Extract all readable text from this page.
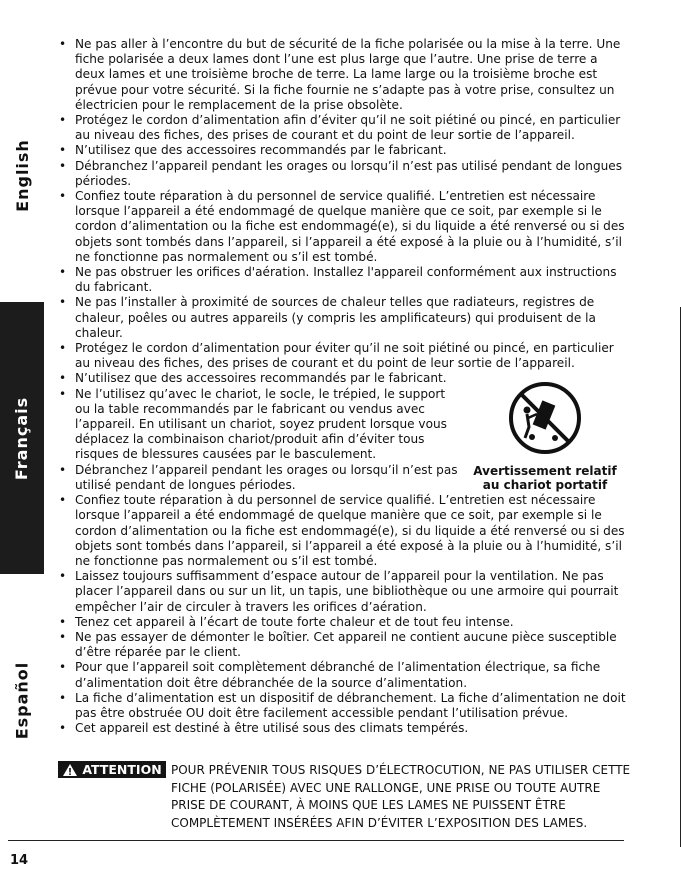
English
Français
Español
• Ne pas aller à l’encontre du but de sécurité de la fiche polarisée ou la mise à la terre. Une fiche polarisée a deux lames dont l’une est plus large que l’autre. Une prise de terre a deux lames et une troisième broche de terre. La lame large ou la troisième broche est prévue pour votre sécurité. Si la fiche fournie ne s’adapte pas à votre prise, consultez un électricien pour le remplacement de la prise obsolète.
• Protégez le cordon d’alimentation afin d’éviter qu’il ne soit piétiné ou pincé, en particulier au niveau des fiches, des prises de courant et du point de leur sortie de l’appareil.
• N’utilisez que des accessoires recommandés par le fabricant.
• Débranchez l’appareil pendant les orages ou lorsqu’il n’est pas utilisé pendant de longues périodes.
• Confiez toute réparation à du personnel de service qualifié. L’entretien est nécessaire lorsque l’appareil a été endommagé de quelque manière que ce soit, par exemple si le cordon d’alimentation ou la fiche est endommagé(e), si du liquide a été renversé ou si des objets sont tombés dans l’appareil, si l’appareil a été exposé à la pluie ou à l’humidité, s’il ne fonctionne pas normalement ou s’il est tombé.
• Ne pas obstruer les orifices d'aération. Installez l'appareil conformément aux instructions du fabricant.
• Ne pas l’installer à proximité de sources de chaleur telles que radiateurs, registres de chaleur, poêles ou autres appareils (y compris les amplificateurs) qui produisent de la chaleur.
• Protégez le cordon d’alimentation pour éviter qu’il ne soit piétiné ou pincé, en particulier au niveau des fiches, des prises de courant et du point de leur sortie de l’appareil.
• N’utilisez que des accessoires recommandés par le fabricant.
• Ne l’utilisez qu’avec le chariot, le socle, le trépied, le support ou la table recommandés par le fabricant ou vendus avec l’appareil. En utilisant un chariot, soyez prudent lorsque vous déplacez la combinaison chariot/produit afin d’éviter tous risques de blessures causées par le basculement.
• Débranchez l’appareil pendant les orages ou lorsqu’il n’est pas utilisé pendant de longues périodes.
• Confiez toute réparation à du personnel de service qualifié. L’entretien est nécessaire lorsque l’appareil a été endommagé de quelque manière que ce soit, par exemple si le cordon d’alimentation ou la fiche est endommagé(e), si du liquide a été renversé ou si des objets sont tombés dans l’appareil, si l’appareil a été exposé à la pluie ou à l’humidité, s’il ne fonctionne pas normalement ou s’il est tombé.
• Laissez toujours suffisamment d’espace autour de l’appareil pour la ventilation. Ne pas placer l’appareil dans ou sur un lit, un tapis, une bibliothèque ou une armoire qui pourrait empêcher l’air de circuler à travers les orifices d’aération.
• Tenez cet appareil à l’écart de toute forte chaleur et de tout feu intense.
• Ne pas essayer de démonter le boîtier. Cet appareil ne contient aucune pièce susceptible d’être réparée par le client.
• Pour que l’appareil soit complètement débranché de l’alimentation électrique, sa fiche d’alimentation doit être débranchée de la source d’alimentation.
• La fiche d’alimentation est un dispositif de débranchement. La fiche d’alimentation ne doit pas être obstruée OU doit être facilement accessible pendant l’utilisation prévue.
• Cet appareil est destiné à être utilisé sous des climats tempérés.
Avertissement relatif
au chariot portatif
ATTENTION POUR PRÉVENIR TOUS RISQUES D’ÉLECTROCUTION, NE PAS UTILISER CETTE FICHE (POLARISÉE) AVEC UNE RALLONGE, UNE PRISE OU TOUTE AUTRE PRISE DE COURANT, À MOINS QUE LES LAMES NE PUISSENT ÊTRE COMPLÈTEMENT INSÉRÉES AFIN D’ÉVITER L’EXPOSITION DES LAMES.
14
